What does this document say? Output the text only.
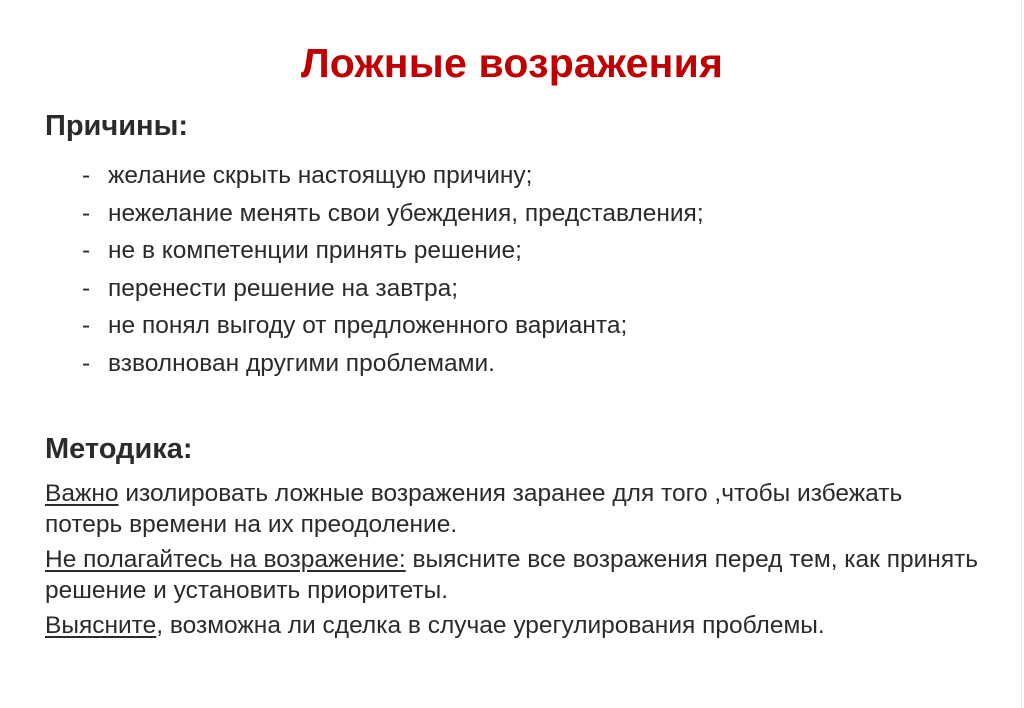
Ложные возражения
Причины:
- желание скрыть настоящую причину;
- нежелание менять свои убеждения, представления;
- не в компетенции принять решение;
- перенести решение на завтра;
- не понял выгоду от предложенного варианта;
- взволнован другими проблемами.
Методика:
Важно изолировать ложные возражения заранее для того ,чтобы избежать потерь времени на их преодоление.
Не полагайтесь на возражение: выясните все возражения перед тем, как принять решение и установить приоритеты.
Выясните, возможна ли сделка в случае урегулирования проблемы.
